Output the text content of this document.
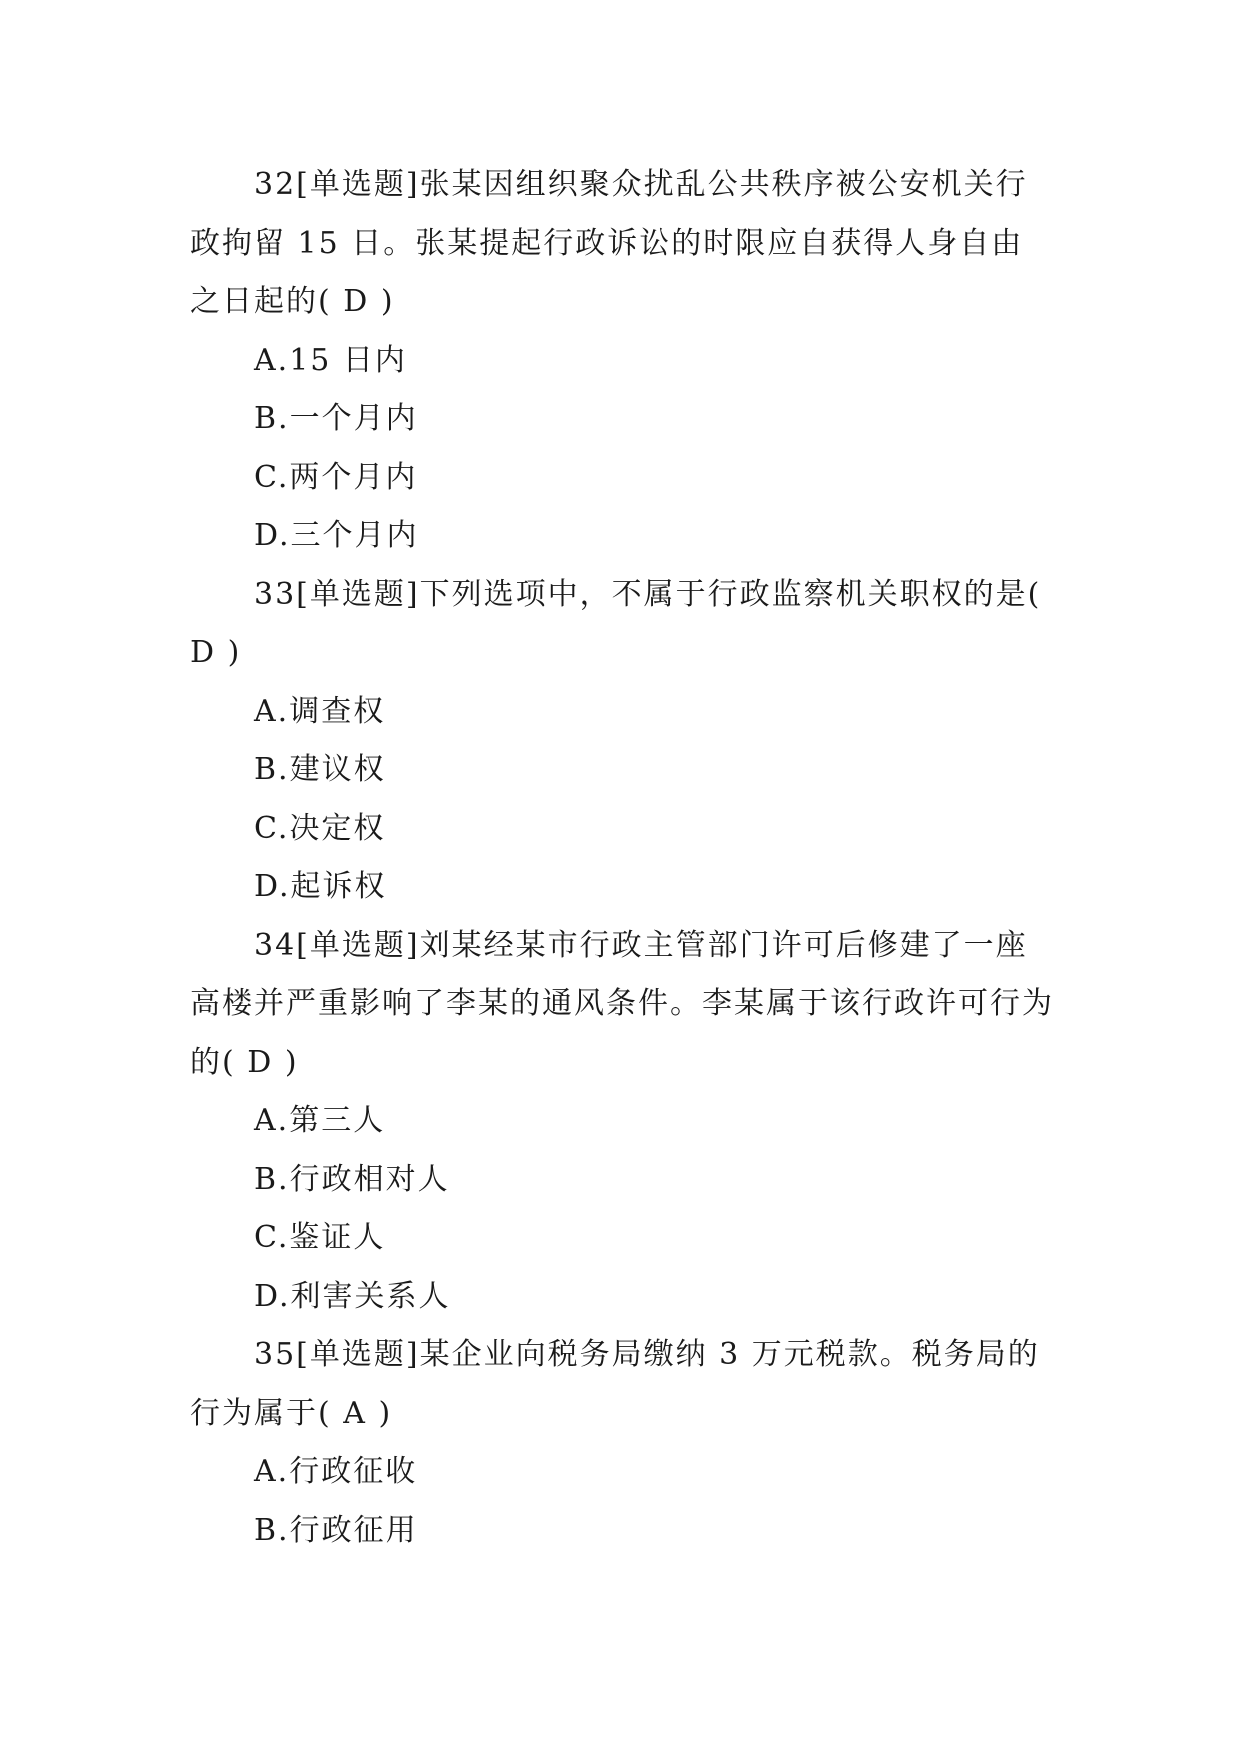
32[单选题]张某因组织聚众扰乱公共秩序被公安机关行政拘留 15 日。张某提起行政诉讼的时限应自获得人身自由之日起的( D )

A.15 日内
B.一个月内
C.两个月内
D.三个月内

33[单选题]下列选项中，不属于行政监察机关职权的是( D )

A.调查权
B.建议权
C.决定权
D.起诉权

34[单选题]刘某经某市行政主管部门许可后修建了一座高楼并严重影响了李某的通风条件。李某属于该行政许可行为的( D )

A.第三人
B.行政相对人
C.鉴证人
D.利害关系人

35[单选题]某企业向税务局缴纳 3 万元税款。税务局的行为属于( A )

A.行政征收
B.行政征用
